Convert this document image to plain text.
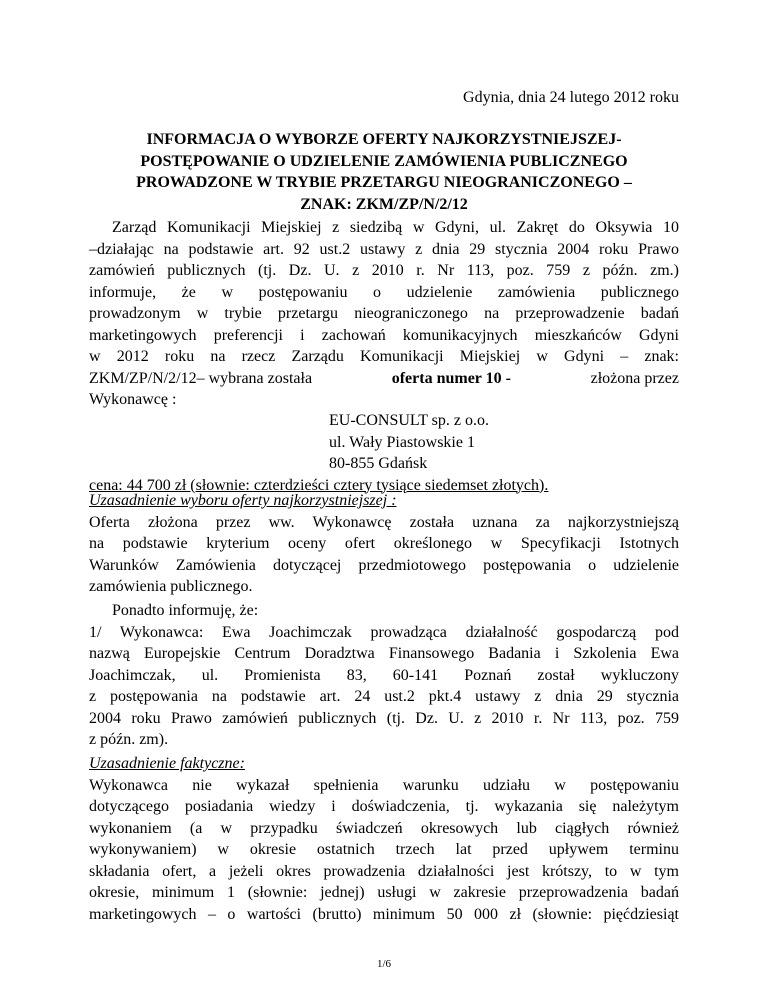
Gdynia, dnia 24 lutego 2012 roku
INFORMACJA O WYBORZE OFERTY NAJKORZYSTNIEJSZEJ-
POSTĘPOWANIE O UDZIELENIE ZAMÓWIENIA PUBLICZNEGO
PROWADZONE W TRYBIE PRZETARGU NIEOGRANICZONEGO –
ZNAK: ZKM/ZP/N/2/12
Zarząd Komunikacji Miejskiej z siedzibą w Gdyni, ul. Zakręt do Oksywia 10
–działając na podstawie art. 92 ust.2 ustawy z dnia 29 stycznia 2004 roku Prawo
zamówień publicznych (tj. Dz. U. z 2010 r. Nr 113, poz. 759 z późn. zm.)
informuje, że w postępowaniu o udzielenie zamówienia publicznego
prowadzonym w trybie przetargu nieograniczonego na przeprowadzenie badań
marketingowych preferencji i zachowań komunikacyjnych mieszkańców Gdyni
w 2012 roku na rzecz Zarządu Komunikacji Miejskiej w Gdyni – znak:
ZKM/ZP/N/2/12– wybrana została	oferta numer 10 -	złożona przez
Wykonawcę :
EU-CONSULT sp. z o.o.
ul. Wały Piastowskie 1
80-855 Gdańsk
cena: 44 700 zł (słownie: czterdzieści cztery tysiące siedemset złotych).
Uzasadnienie wyboru oferty najkorzystniejszej :
Oferta złożona przez ww. Wykonawcę została uznana za najkorzystniejszą
na podstawie kryterium oceny ofert określonego w Specyfikacji Istotnych
Warunków Zamówienia dotyczącej przedmiotowego postępowania o udzielenie
zamówienia publicznego.
Ponadto informuję, że:
1/ Wykonawca: Ewa Joachimczak prowadząca działalność gospodarczą pod
nazwą Europejskie Centrum Doradztwa Finansowego Badania i Szkolenia Ewa
Joachimczak, ul. Promienista 83, 60-141 Poznań został wykluczony
z postępowania na podstawie art. 24 ust.2 pkt.4 ustawy z dnia 29 stycznia
2004 roku Prawo zamówień publicznych (tj. Dz. U. z 2010 r. Nr 113, poz. 759
z późn. zm).
Uzasadnienie faktyczne:
Wykonawca nie wykazał spełnienia warunku udziału w postępowaniu
dotyczącego posiadania wiedzy i doświadczenia, tj. wykazania się należytym
wykonaniem (a w przypadku świadczeń okresowych lub ciągłych również
wykonywaniem) w okresie ostatnich trzech lat przed upływem terminu
składania ofert, a jeżeli okres prowadzenia działalności jest krótszy, to w tym
okresie, minimum 1 (słownie: jednej) usługi w zakresie przeprowadzenia badań
marketingowych – o wartości (brutto) minimum 50 000 zł (słownie: pięćdziesiąt
1/6
